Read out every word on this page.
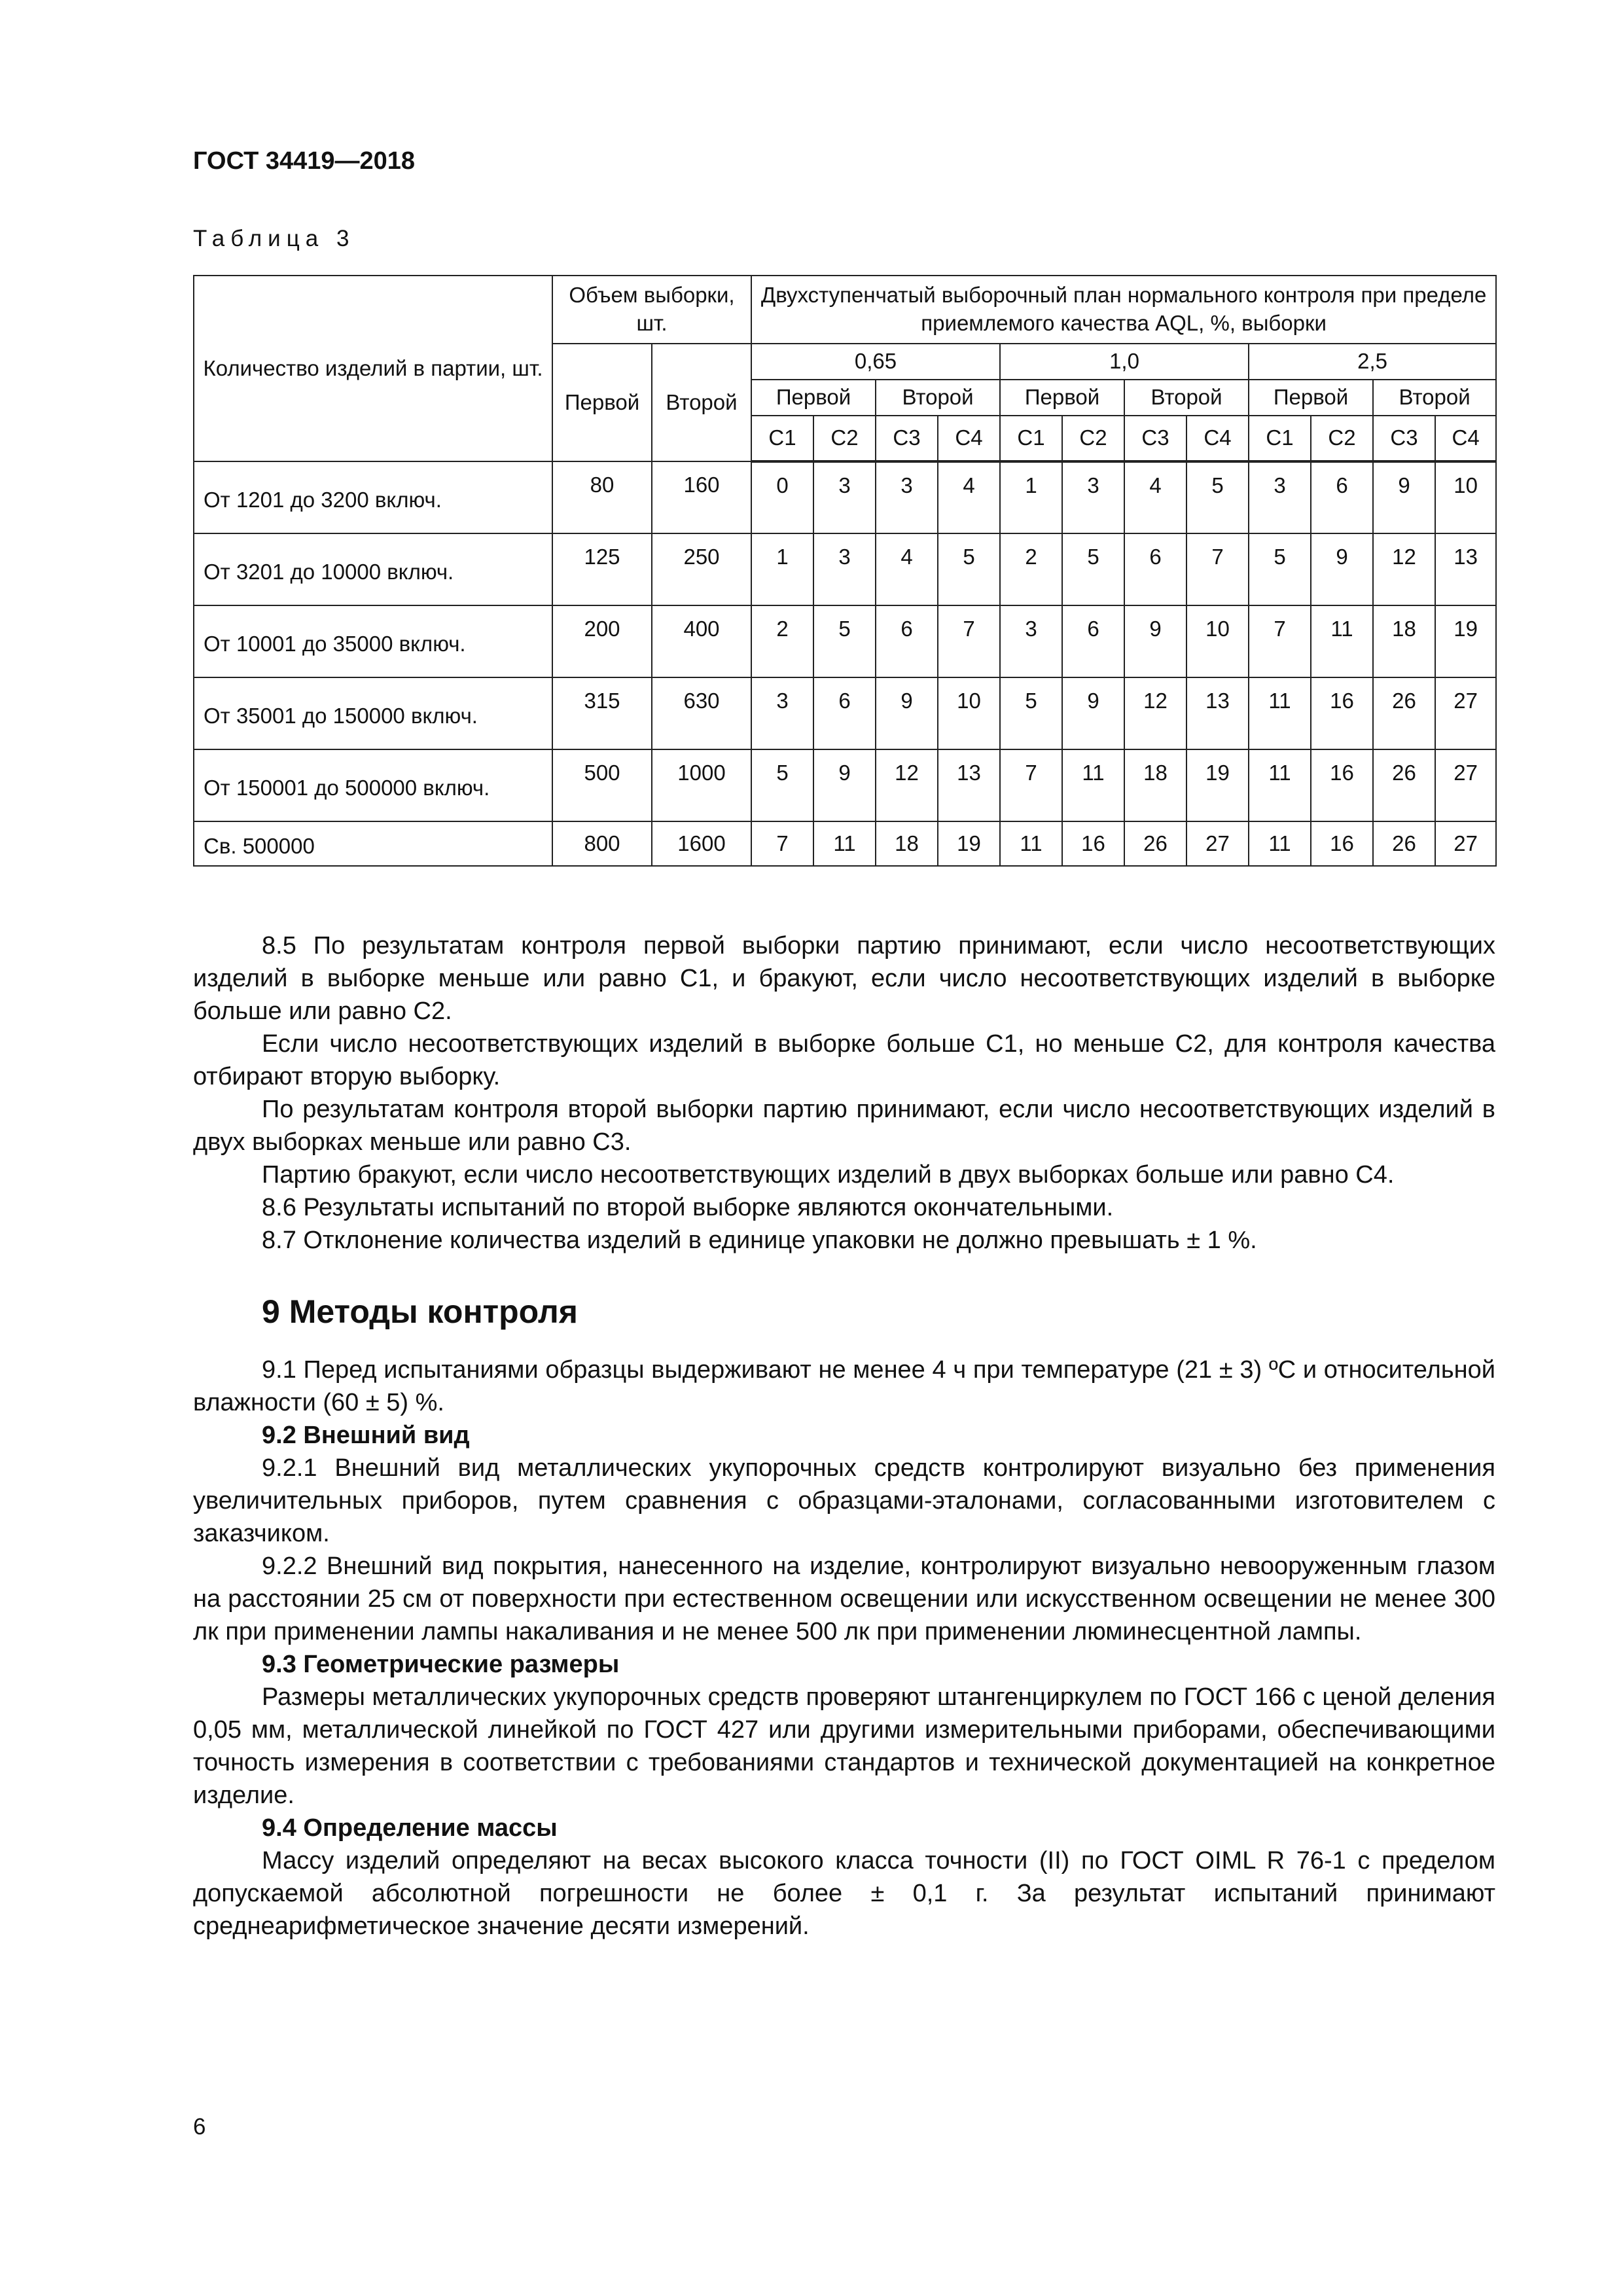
ГОСТ 34419—2018
Таблица 3
Количество изделий в партии, шт.	Объем выборки, шт.		Двухступенчатый выборочный план нормального контроля при пределе приемлемого качества AQL, %, выборки											
	Первой	Второй	0,65				1,0				2,5			
			Первой		Второй		Первой		Второй		Первой		Второй	
			С1	С2	С3	С4	С1	С2	С3	С4	С1	С2	С3	С4
От 1201 до 3200 включ.	80	160	0	3	3	4	1	3	4	5	3	6	9	10
От 3201 до 10000 включ.	125	250	1	3	4	5	2	5	6	7	5	9	12	13
От 10001 до 35000 включ.	200	400	2	5	6	7	3	6	9	10	7	11	18	19
От 35001 до 150000 включ.	315	630	3	6	9	10	5	9	12	13	11	16	26	27
От 150001 до 500000 включ.	500	1000	5	9	12	13	7	11	18	19	11	16	26	27
Св. 500000	800	1600	7	11	18	19	11	16	26	27	11	16	26	27

8.5 По результатам контроля первой выборки партию принимают, если число несоответствующих изделий в выборке меньше или равно С1, и бракуют, если число несоответствующих изделий в выборке больше или равно С2.

Если число несоответствующих изделий в выборке больше С1, но меньше С2, для контроля качества отбирают вторую выборку.

По результатам контроля второй выборки партию принимают, если число несоответствующих изделий в двух выборках меньше или равно С3.

Партию бракуют, если число несоответствующих изделий в двух выборках больше или равно С4.

8.6 Результаты испытаний по второй выборке являются окончательными.

8.7 Отклонение количества изделий в единице упаковки не должно превышать ± 1 %.

9 Методы контроля

9.1 Перед испытаниями образцы выдерживают не менее 4 ч при температуре (21 ± 3) ºС и относительной влажности (60 ± 5) %.

9.2 Внешний вид

9.2.1 Внешний вид металлических укупорочных средств контролируют визуально без применения увеличительных приборов, путем сравнения с образцами-эталонами, согласованными изготовителем с заказчиком.

9.2.2 Внешний вид покрытия, нанесенного на изделие, контролируют визуально невооруженным глазом на расстоянии 25 см от поверхности при естественном освещении или искусственном освещении не менее 300 лк при применении лампы накаливания и не менее 500 лк при применении люминесцентной лампы.

9.3 Геометрические размеры

Размеры металлических укупорочных средств проверяют штангенциркулем по ГОСТ 166 с ценой деления 0,05 мм, металлической линейкой по ГОСТ 427 или другими измерительными приборами, обеспечивающими точность измерения в соответствии с требованиями стандартов и технической документацией на конкретное изделие.

9.4 Определение массы

Массу изделий определяют на весах высокого класса точности (II) по ГОСТ OIML R 76-1 с пределом допускаемой абсолютной погрешности не более ± 0,1 г. За результат испытаний принимают среднеарифметическое значение десяти измерений.

6
